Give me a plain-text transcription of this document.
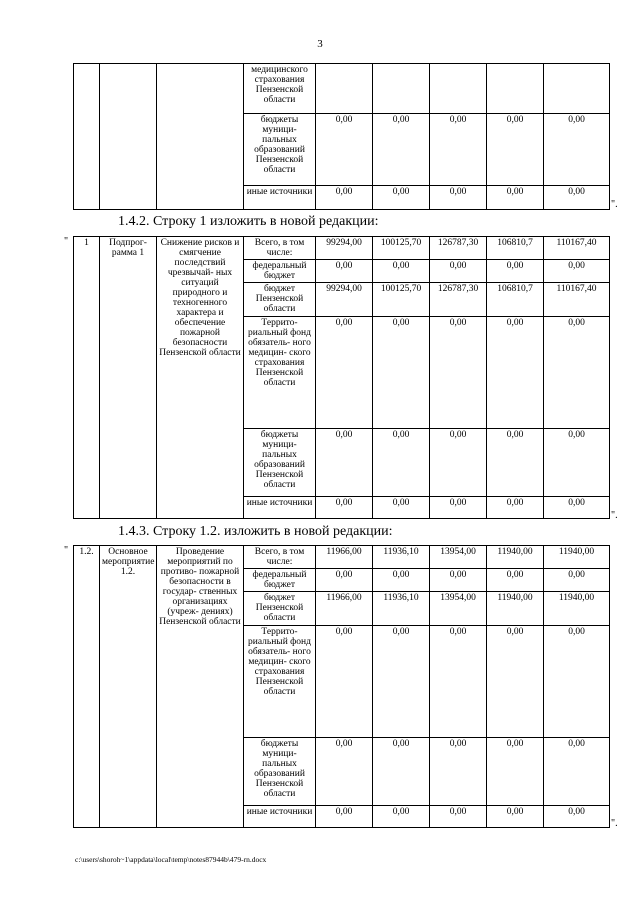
3
			медицинского страхования Пензенской области					
			бюджеты муници- пальных образований Пензенской области	0,00	0,00	0,00	0,00	0,00
			иные источники	0,00	0,00	0,00	0,00	0,00
".
1.4.2. Строку 1 изложить в новой редакции:
" 1	Подпрог- рамма 1	Снижение рисков и смягчение последствий чрезвычай- ных ситуаций природного и техногенного характера и обеспечение пожарной безопасности Пензенской области	Всего, в том числе:	99294,00	100125,70	126787,30	106810,7	110167,40
			федеральный бюджет	0,00	0,00	0,00	0,00	0,00
			бюджет Пензенской области	99294,00	100125,70	126787,30	106810,7	110167,40
			Террито- риальный фонд обязатель- ного медицин- ского страхования Пензенской области	0,00	0,00	0,00	0,00	0,00
			бюджеты муници- пальных образований Пензенской области	0,00	0,00	0,00	0,00	0,00
			иные источники	0,00	0,00	0,00	0,00	0,00
".
1.4.3. Строку 1.2. изложить в новой редакции:
" 1.2.	Основное мероприятие 1.2.	Проведение мероприятий по противо- пожарной безопасности в государ- ственных организациях (учреж- дениях) Пензенской области	Всего, в том числе:	11966,00	11936,10	13954,00	11940,00	11940,00
			федеральный бюджет	0,00	0,00	0,00	0,00	0,00
			бюджет Пензенской области	11966,00	11936,10	13954,00	11940,00	11940,00
			Террито- риальный фонд обязатель- ного медицин- ского страхования Пензенской области	0,00	0,00	0,00	0,00	0,00
			бюджеты муници- пальных образований Пензенской области	0,00	0,00	0,00	0,00	0,00
			иные источники	0,00	0,00	0,00	0,00	0,00
".
c:\users\shoroh~1\appdata\local\temp\notes87944b\479-rn.docx
